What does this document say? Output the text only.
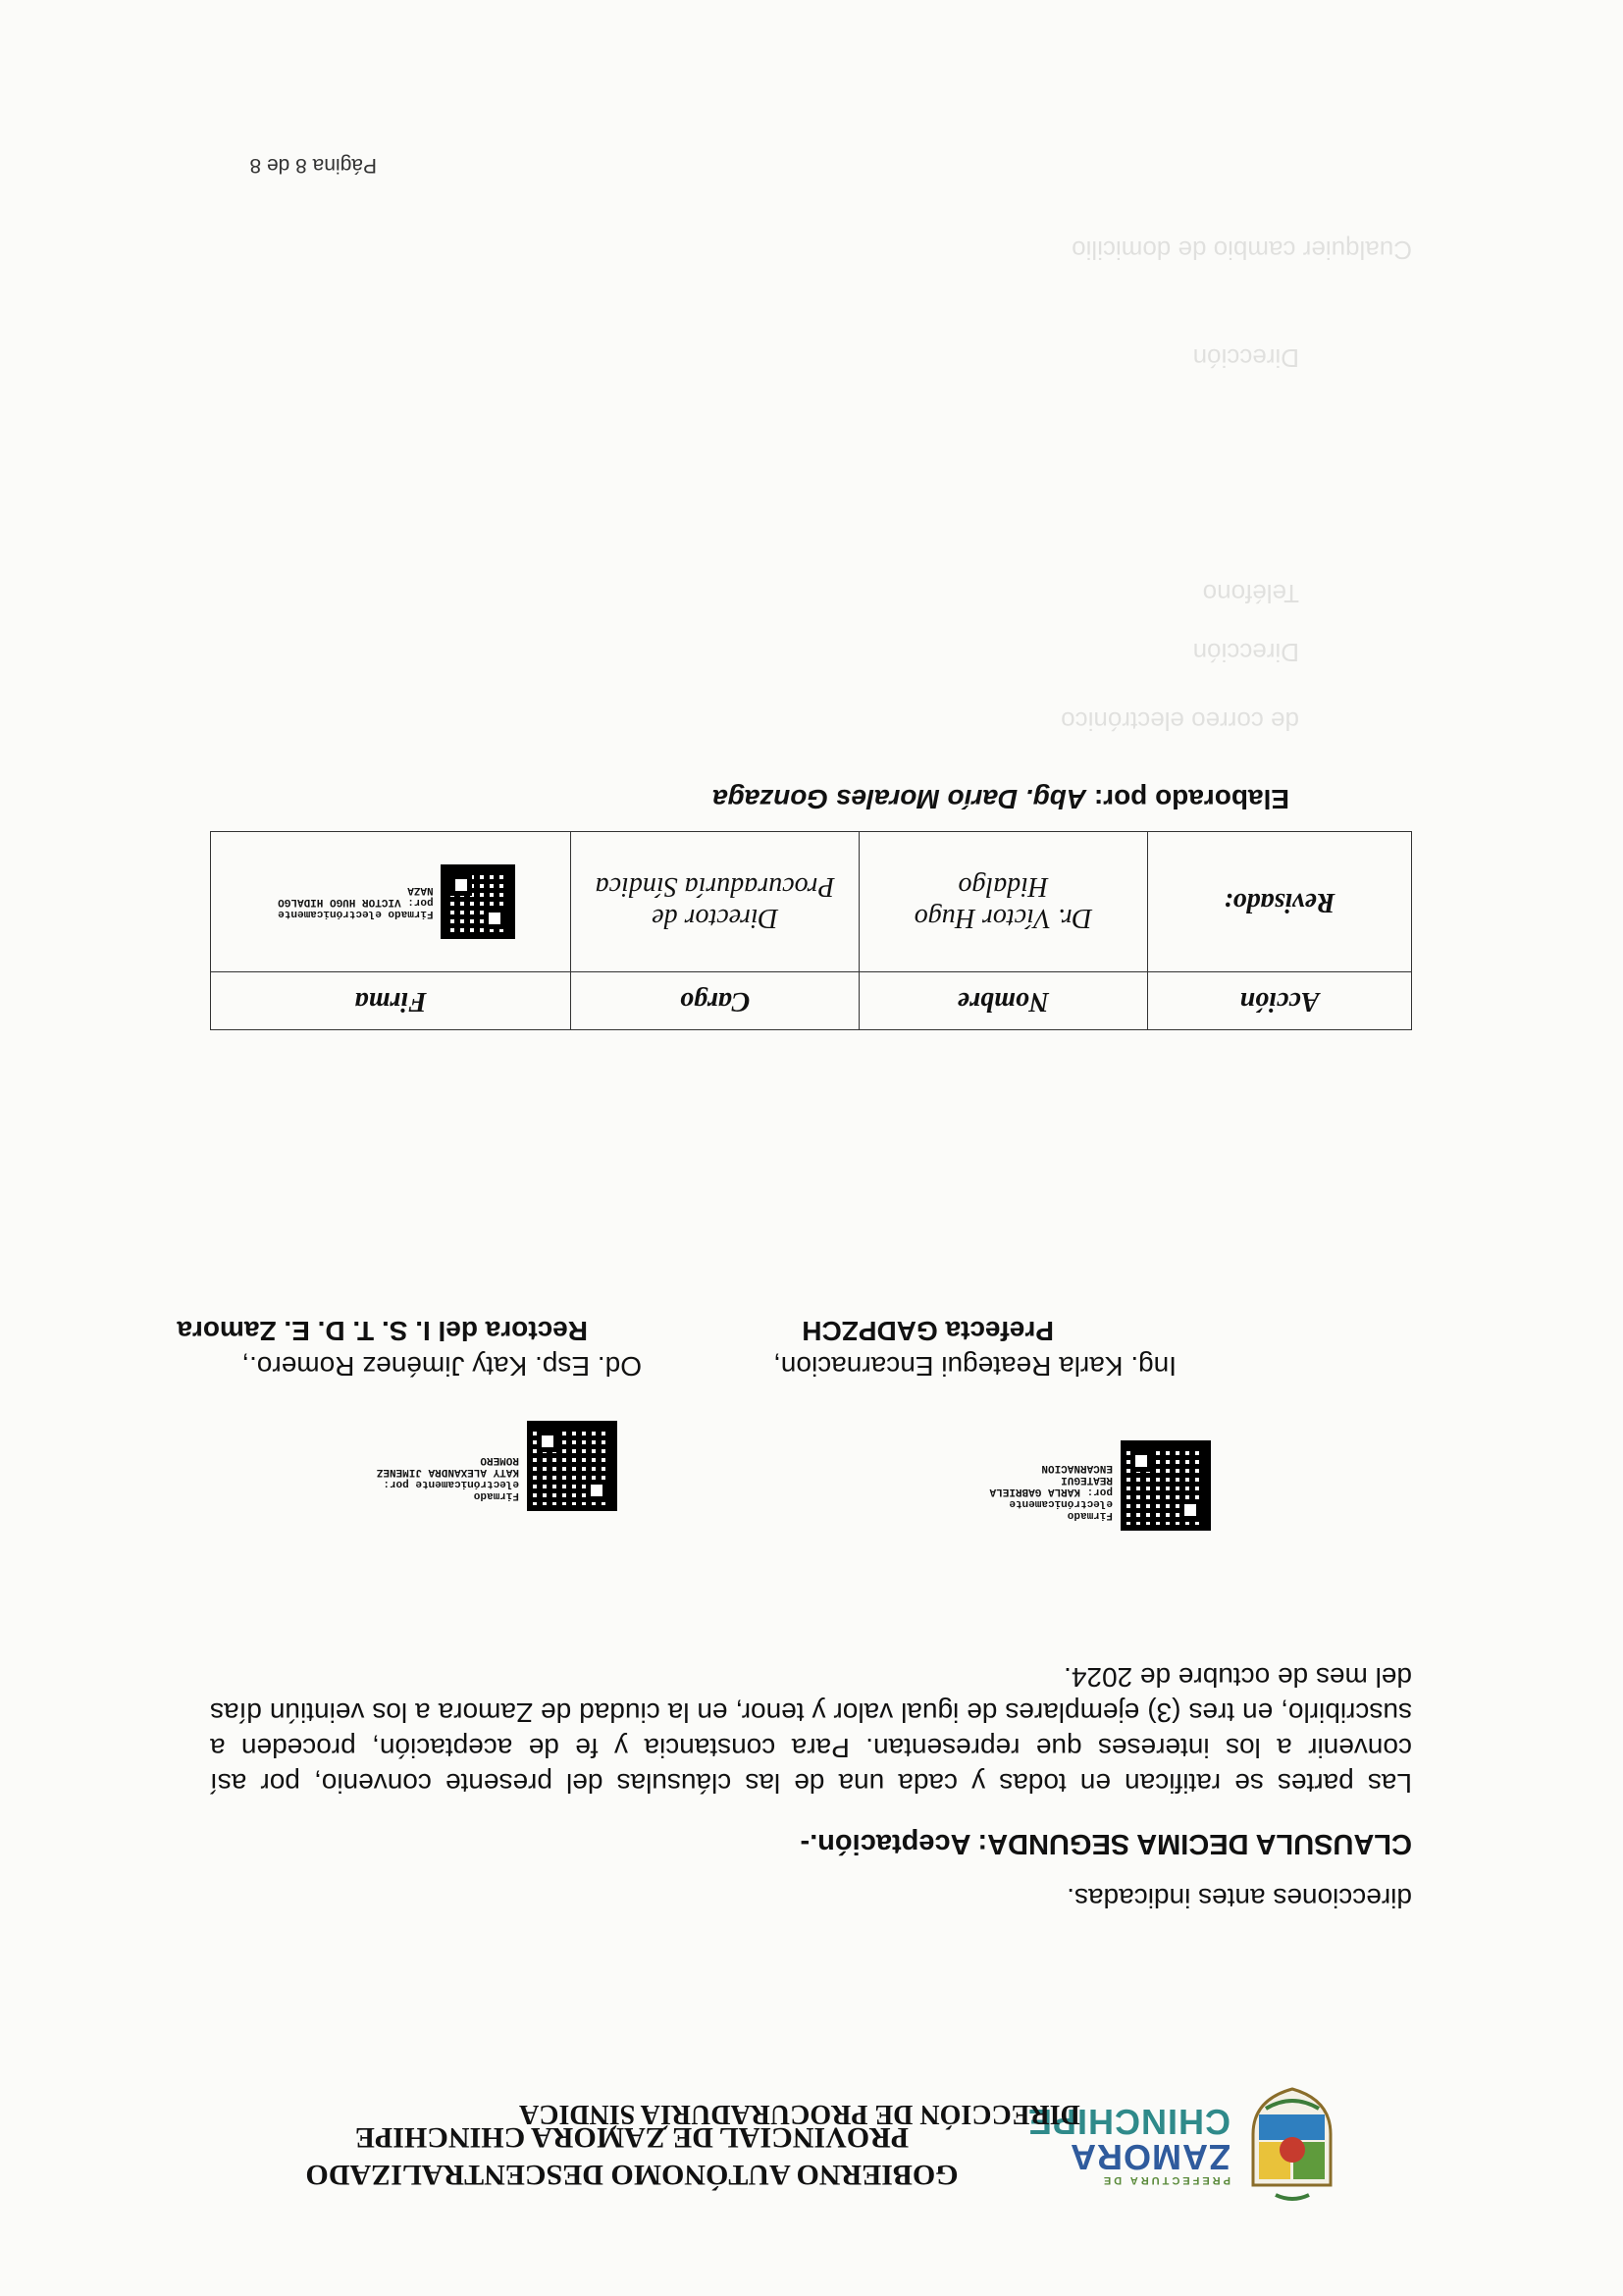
de correo electrónico
Dirección
Teléfono
Dirección
Cualquier cambio de domicilio
PREFECTURA DE
ZAMORA
CHINCHIPE
GOBIERNO AUTÓNOMO DESCENTRALIZADO PROVINCIAL DE ZAMORA CHINCHIPE
DIRECCIÓN DE PROCURADURÍA SÍNDICA
direcciones antes indicadas.
CLAUSULA DECIMA SEGUNDA: Aceptación.-
Las partes se ratifican en todas y cada una de las cláusulas del presente convenio, por así convenir a los intereses que representan. Para constancia y fe de aceptación, proceden a suscribirlo, en tres (3) ejemplares de igual valor y tenor, en la ciudad de Zamora a los veintiún días del mes de octubre de 2024.
Firmado electrónicamente por: KARLA GABRIELA REATEGUI ENCARNACION
Firmado electrónicamente por: KATY ALEXANDRA JIMENEZ ROMERO
Ing. Karla Reategui Encarnacion,
Prefecta GADPZCH
Od. Esp. Katy Jiménez Romero.,
Rectora del I. S. T. D. E. Zamora
Acción	Nombre	Cargo	Firma
Revisado:	Dr. Víctor Hugo Hidalgo	Director de Procuraduría Síndica	Firmado electrónicamente por: VICTOR HUGO HIDALGO NAZA
Elaborado por: Abg. Darío Morales Gonzaga
Página 8 de 8
